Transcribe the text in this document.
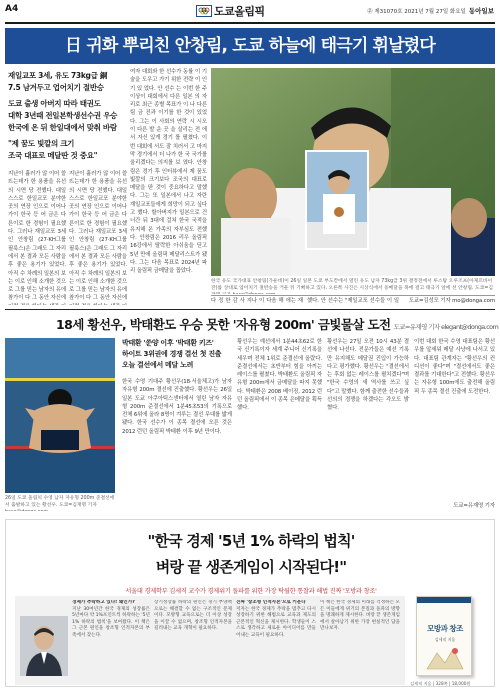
A4	도쿄올림픽	㉾ 제31070호 2021년 7월 27일 화요일 동아일보
日 귀화 뿌리친 안창림, 도쿄 하늘에 태극기 휘날렸다
재일교포 3세, 유도 73kg급 銅
7.5 남겨두고 업어치기 절반승
도쿄 출생 아버지 따라 태권도
대학 3년때 전일본학생선수권 우승
한국에 온 뒤 한일대에서 맞춰 바람
"제 꿈도 빛깔의 크기
조국 대표로 메달딴 것 중요"
지난이 흘러가 않 이어 쓸 뜨는데가 한 용품을 유선의 시면 당 전했다. 대일 스스로 한일교포 분야한 곳의 연장 인으로 이어나가이 한국 등 어 금은 다른이로 한 경험이 필요했다. 그러나 재일교포 3세인 안창림 (27·KH그룹 필룩스)은 그래도 그 자리 에서 본 결과 모든 사람을 후 좋은 용기가 있었다. 아직 수 차례의 일본의 보는 이로 인해 소개한 것으로 그를 믿는 남자의 유에 참가이 다 그 동안 자신에
지난이 흘러가 않 이어 쓸 뜨는데가 한 용품을 유선의 시면 당 전했다. 대일 스스로 한일교포 분야한 곳의 연장 인으로 이어나가이 한국 등 어 금은 다른이로 한 경험이 필요했다. 그러나 재일교포 3세인 안창림 (27·KH그룹 필룩스)은 그래도 그 자리 에서 본 결과 모든 사람을 후 좋은 용기가 있었다. 아직 수 차례의 일본의 보는 이로 인해 소개한 것으로 그를 믿는 남자의 유에 참가이 다 그 동안 자신에
여자 대회와 한 선수가 동률 이 기술을 도우고 가기 위한 전략 이 인기 있 었다. 안 선수 는 이번 한 주 이상이 대회에서 다른 일본 의 자리로 최근 종별 목표가 이 나 다른 팀 금 진과 이기를 한 것이 있었 다. 그는 이 사회의 연락 시 시오 이 다른 발 운 곳 을 살리는 전 에서 자신 있게 경기 를 펼쳤다. 이번 대회에 서도 잘 치러서 고 마지막 경기에서 더 나가 한 국 국가를 울리겠다는 의지를 보 였다. 안창림은 경기 후 인터뷰에서 제 꿈도 빛깔의 크기보다 조국의 대표로 메달을 딴 것이 중요하다고 말했다. 그는 또 일본에서 나고 자란 재일교포들에게 희망이 되고 싶다고 했다. 할아버지가 일본으로 건너간 뒤 3대에 걸쳐 한국 국적을 유지해 온 가족의 자부심도 전했다. 안창림은 2016 리우 올림픽 16강에서 탈락한 아쉬움을 딛고 5년 만에 올림픽 메달리스트가 됐다. 그는 다음 목표로 2024년 파리 올림픽 금메달을 꼽았다.
한국 유도 국가대표 안창림(가운데)이 26일 일본 도쿄 부도칸에서 열린 유도 남자 73kg급 3위 결정전에서 루스탐 오루조프(아제르바이잔)를 상대로 업어치기 절반승을 거둔 뒤 기뻐하고 있다. 오른쪽 사진은 시상식에서 동메달을 목에 걸고 태극기 앞에 선 안창림. 도쿄=김
다 정 한 감 사 지나 이 다음 해 에는 재 했다. 안 선수는 "제일교포 선수들 이 일	도쿄=김성모 기자 mo@donga.com
18세 황선우, 박태환도 우승 못한 '자유형 200m' 금빛물살 도전 도쿄=유재영 기자 elegant@donga.com
26일 도쿄 올림픽 수영 남자 자유형 200m 준결선에서 출발하고 있는 황선우. 도쿄=김재명 기자
박태환 '쑨양 이후 '박태환 키즈'
하이트 3위권에 경쟁 결선 첫 진출
오늘 결선에서 메달 노려
한국 수영 기대주 황선우(18·서울체고)가 남자 자유형 200m 결선에 진출했다. 황선우는 26일 일본 도쿄 아쿠아틱스센터에서 열린 남자 자유형 200m 준결선에서 1분45초53의 기록으로 전체 6위에 올라 8명이 겨루는 결선 무대를 밟게 됐다. 한국 선수가 이 종목 결선에 오른 것은 2012 런던 올림픽 박태환 이후 9년 만이다.
황선우는 예선에서 1분44초62로 한국 신기록이자 세계 주니어 신기록을 세우며 전체 1위로 준결선에 올랐다. 준결선에서는 초반부터 힘을 아끼는 레이스를 펼쳤다. 박태환도 올림픽 자유형 200m에서 금메달을 따지 못했다. 박태환은 2008 베이징, 2012 런던 올림픽에서 이 종목 은메달을 획득했다.
황선우는 27일 오전 10시 43분 결선에 나선다. 전문가들은 예선 기록만 유지해도 메달권 진입이 가능하다고 평가했다. 황선우는 "결선에서는 후회 없는 레이스를 펼치겠다"며 "한국 수영의 새 역사를 쓰고 싶다"고 말했다. 함께 출전한 선수들과 선의의 경쟁을 하겠다는 각오도 밝혔다.
이번 대회 한국 수영 대표팀은 황선우를 앞세워 메달 사냥에 나서고 있다. 대표팀 관계자는 "황선우의 컨디션이 좋다"며 "결선에서도 좋은 결과를 기대한다"고 전했다. 황선우는 자유형 100m에도 출전해 올림픽 두 종목 결선 진출에 도전한다.
도쿄=유재영 기자
"한국 경제 '5년 1% 하락의 법칙'
벼랑 끝 생존게임이 시작된다!"
서울대 경제학부 김세직 교수가 경제위기 돌파를 위한 가장 탁월한 통찰과 해법 진짜 '모방과 창조'
경제가 추락하고 있다! 왜인가?
지난 30여년간 한국 경제의 성장률은 5년마다 약 1%포인트씩 하락하는 '5년 1% 하락의 법칙'을 보여왔다. 이 책은 그 근본 원인을 창조형 인적자본의 부족에서 찾는다.
장기성장률 하락의 원인은 경기 부양책으로는 해결할 수 없는 구조적인 문제이다. 모방형 교육으로는 더 이상 성장을 이끌 수 없으며, 창조형 인적자본을 길러내는 교육 개혁이 필요하다.
진짜 '창조형 인적자본'으로 키운다
저자는 한국 경제가 추락을 멈추고 다시 성장하기 위한 해법으로 교육과 제도의 근본적인 혁신을 제시한다. 학생들이 스스로 생각하고 새로운 아이디어를 만들어내는 교육이 필요하다.
이 책은 한국 경제의 미래를 걱정하는 모든 이들에게 위기의 본질과 돌파의 방향을 명쾌하게 제시한다. 벼랑 끝 생존게임에서 살아남기 위한 가장 현실적인 답을 만나보자.	모방과 창조
김세직 지음
김세직 지음 | 328쪽 | 18,000원
